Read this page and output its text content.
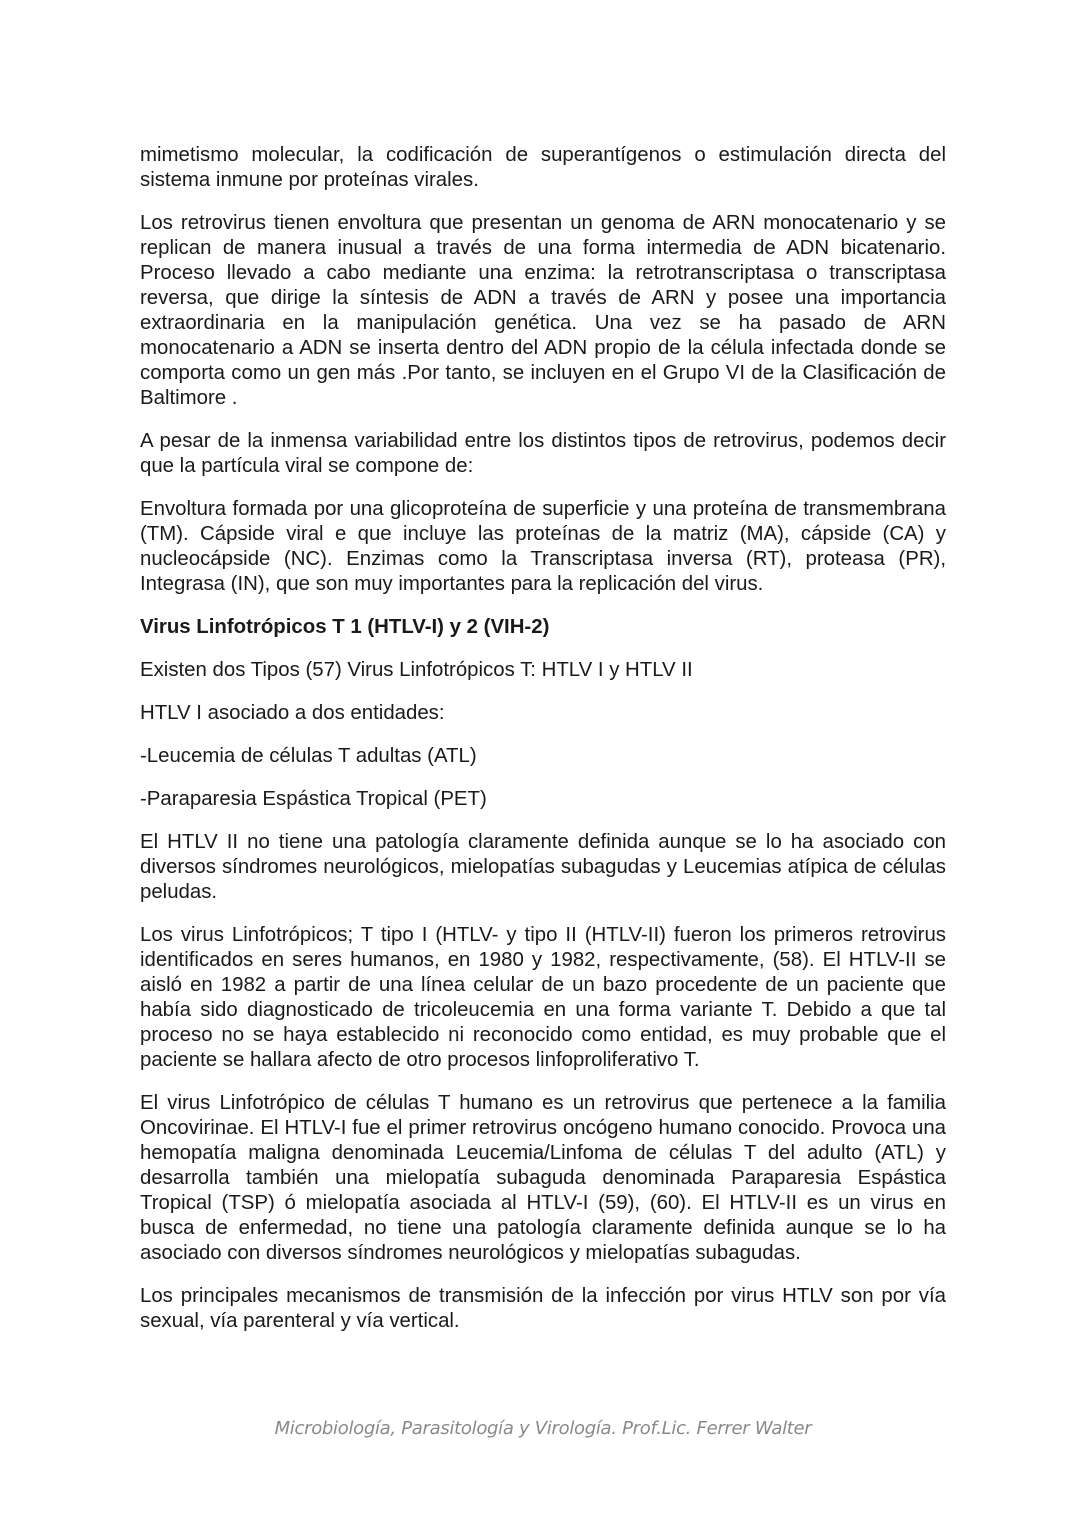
mimetismo molecular, la codificación de superantígenos o estimulación directa del sistema inmune por proteínas virales.

Los retrovirus tienen envoltura que presentan un genoma de ARN monocatenario y se replican de manera inusual a través de una forma intermedia de ADN bicatenario. Proceso llevado a cabo mediante una enzima: la retrotranscriptasa o transcriptasa reversa, que dirige la síntesis de ADN a través de ARN y posee una importancia extraordinaria en la manipulación genética. Una vez se ha pasado de ARN monocatenario a ADN se inserta dentro del ADN propio de la célula infectada donde se comporta como un gen más .Por tanto, se incluyen en el Grupo VI de la Clasificación de Baltimore .

A pesar de la inmensa variabilidad entre los distintos tipos de retrovirus, podemos decir que la partícula viral se compone de:

Envoltura formada por una glicoproteína de superficie y una proteína de transmembrana (TM). Cápside viral e que incluye las proteínas de la matriz (MA), cápside (CA) y nucleocápside (NC). Enzimas como la Transcriptasa inversa (RT), proteasa (PR), Integrasa (IN), que son muy importantes para la replicación del virus.

Virus Linfotrópicos T 1 (HTLV-I) y 2 (VIH-2)

Existen dos Tipos (57) Virus Linfotrópicos T: HTLV I y HTLV II

HTLV I asociado a dos entidades:

-Leucemia de células T adultas (ATL)

-Paraparesia Espástica Tropical (PET)

El HTLV II no tiene una patología claramente definida aunque se lo ha asociado con diversos síndromes neurológicos, mielopatías subagudas y Leucemias atípica de células peludas.

Los virus Linfotrópicos; T tipo I (HTLV- y tipo II (HTLV-II) fueron los primeros retrovirus identificados en seres humanos, en 1980 y 1982, respectivamente, (58). El HTLV-II se aisló en 1982 a partir de una línea celular de un bazo procedente de un paciente que había sido diagnosticado de tricoleucemia en una forma variante T. Debido a que tal proceso no se haya establecido ni reconocido como entidad, es muy probable que el paciente se hallara afecto de otro procesos linfoproliferativo T.

El virus Linfotrópico de células T humano es un retrovirus que pertenece a la familia Oncovirinae. El HTLV-I fue el primer retrovirus oncógeno humano conocido. Provoca una hemopatía maligna denominada Leucemia/Linfoma de células T del adulto (ATL) y desarrolla también una mielopatía subaguda denominada Paraparesia Espástica Tropical (TSP) ó mielopatía asociada al HTLV-I (59), (60). El HTLV-II es un virus en busca de enfermedad, no tiene una patología claramente definida aunque se lo ha asociado con diversos síndromes neurológicos y mielopatías subagudas.

Los principales mecanismos de transmisión de la infección por virus HTLV son por vía sexual, vía parenteral y vía vertical.

Microbiología, Parasitología y Virología. Prof.Lic. Ferrer Walter
